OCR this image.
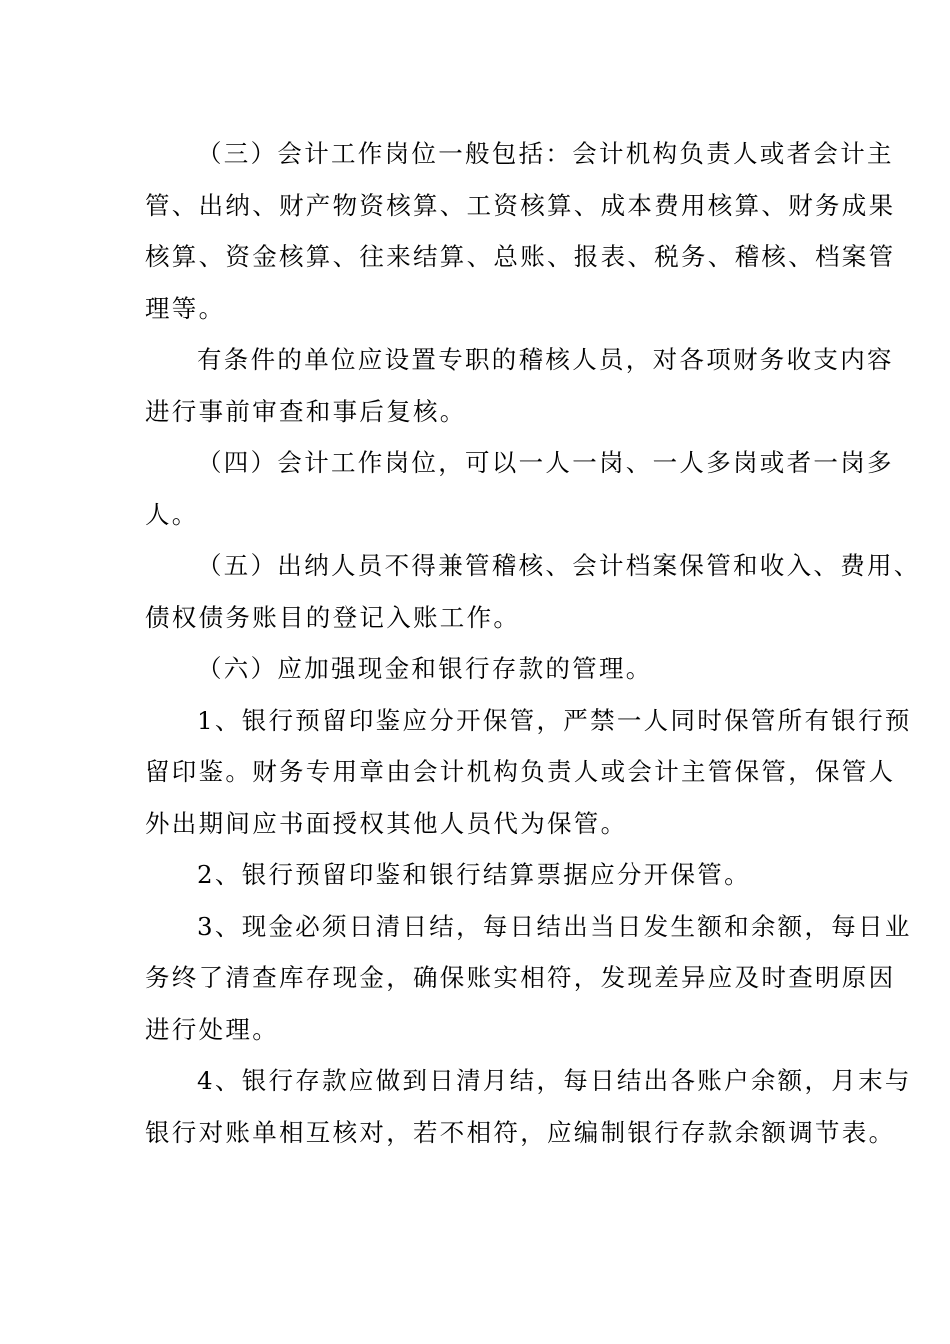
（三）会计工作岗位一般包括：会计机构负责人或者会计主
管、出纳、财产物资核算、工资核算、成本费用核算、财务成果
核算、资金核算、往来结算、总账、报表、税务、稽核、档案管
理等。

有条件的单位应设置专职的稽核人员，对各项财务收支内容
进行事前审查和事后复核。

（四）会计工作岗位，可以一人一岗、一人多岗或者一岗多
人。

（五）出纳人员不得兼管稽核、会计档案保管和收入、费用、
债权债务账目的登记入账工作。

（六）应加强现金和银行存款的管理。

1、银行预留印鉴应分开保管，严禁一人同时保管所有银行预
留印鉴。财务专用章由会计机构负责人或会计主管保管，保管人
外出期间应书面授权其他人员代为保管。

2、银行预留印鉴和银行结算票据应分开保管。

3、现金必须日清日结，每日结出当日发生额和余额，每日业
务终了清查库存现金，确保账实相符，发现差异应及时查明原因
进行处理。

4、银行存款应做到日清月结，每日结出各账户余额，月末与
银行对账单相互核对，若不相符，应编制银行存款余额调节表。
